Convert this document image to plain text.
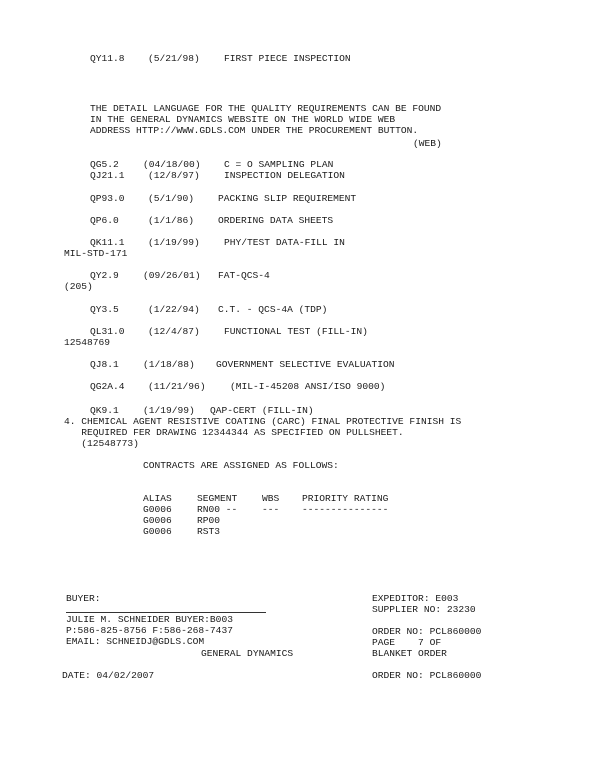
QY11.8 (5/21/98)	FIRST PIECE INSPECTION
THE DETAIL LANGUAGE FOR THE QUALITY REQUIREMENTS CAN BE FOUND
IN THE GENERAL DYNAMICS WEBSITE ON THE WORLD WIDE WEB
ADDRESS HTTP://WWW.GDLS.COM UNDER THE PROCUREMENT BUTTON.
(WEB)
QG5.2	(04/18/00) C = O SAMPLING PLAN
QJ21.1 (12/8/97)	INSPECTION DELEGATION
QP93.0 (5/1/90) PACKING SLIP REQUIREMENT
QP6.0	(1/1/86) ORDERING DATA SHEETS
QK11.1 (1/19/99)	PHY/TEST DATA-FILL IN
MIL-STD-171
QY2.9	(09/26/01) FAT-QCS-4
(205)
QY3.5	(1/22/94) C.T. - QCS-4A (TDP)
QL31.0 (12/4/87)	FUNCTIONAL TEST (FILL-IN)
12548769
QJ8.1	(1/18/88) GOVERNMENT SELECTIVE EVALUATION
QG2A.4 (11/21/96)	(MIL-I-45208 ANSI/ISO 9000)
QK9.1	(1/19/99) QAP-CERT (FILL-IN)
4. CHEMICAL AGENT RESISTIVE COATING (CARC) FINAL PROTECTIVE FINISH IS
REQUIRED FER DRAWING 12344344 AS SPECIFIED ON PULLSHEET.
(12548773)
CONTRACTS ARE ASSIGNED AS FOLLOWS:
ALIAS	SEGMENT	WBS PRIORITY RATING
G0006	RN00 --	--- ---------------
G0006	RP00
G0006	RST3
BUYER:
JULIE M. SCHNEIDER BUYER:B003
P:586-825-8756 F:586-268-7437
EMAIL: SCHNEIDJ@GDLS.COM
GENERAL DYNAMICS
DATE: 04/02/2007
EXPEDITOR: E003
SUPPLIER NO: 23230
ORDER NO: PCL860000
PAGE    7 OF
BLANKET ORDER
ORDER NO: PCL860000
